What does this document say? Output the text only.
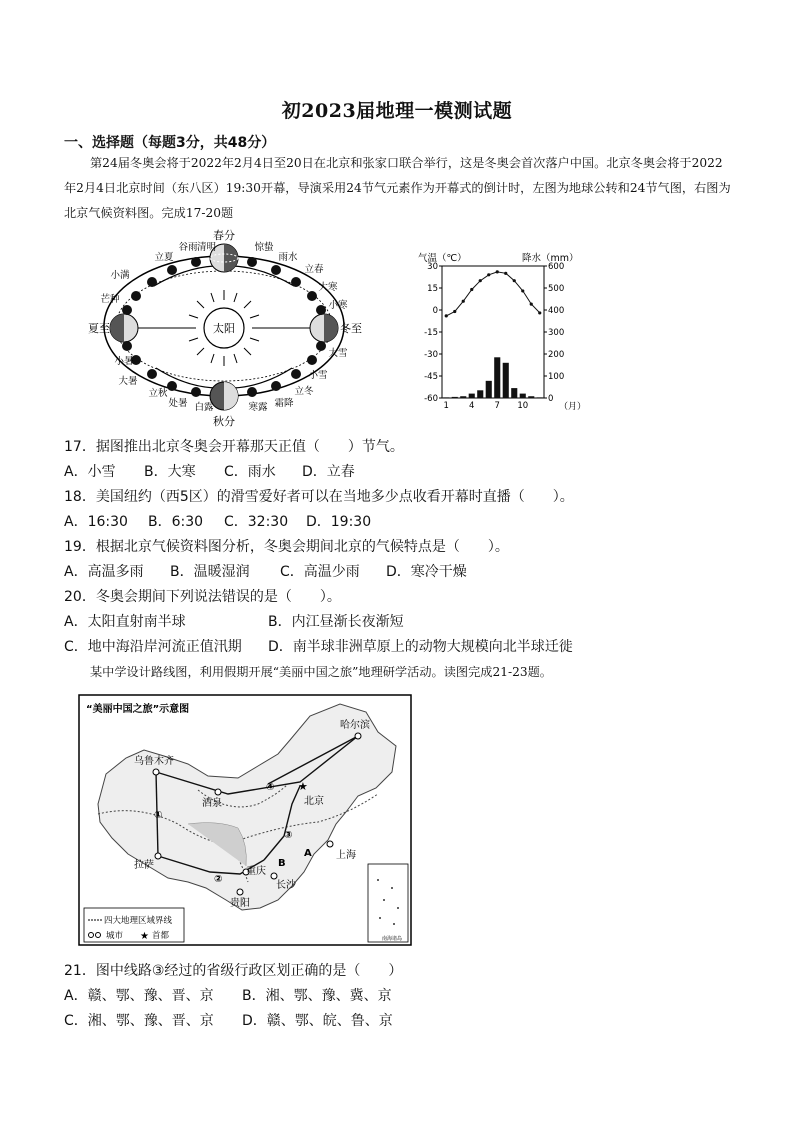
初2023届地理一模测试题
一、选择题（每题3分，共48分）
第24届冬奥会将于2022年2月4日至20日在北京和张家口联合举行，这是冬奥会首次落户中国。北京冬奥会将于2022年2月4日北京时间（东八区）19:30开幕，导演采用24节气元素作为开幕式的倒计时，左图为地球公转和24节气图，右图为北京气候资料图。完成17-20题
太阳
春分
夏至	冬至
秋分
谷雨
立夏
清明
小满
芒种
惊蛰
雨水
立春
大寒
小寒
小暑
大暑
立秋
处暑 白露	寒露 霜降
立冬
小雪
大雪
气温（℃）	降水（mm）
30
15
0
-15
-30
-45
-60
600
500
400
300
200
100
0
1 4 7 10	（月）
17．据图推出北京冬奥会开幕那天正值（　　）节气。
A．小雪 B．大寒 C．雨水 D．立春
18．美国纽约（西5区）的滑雪爱好者可以在当地多少点收看开幕时直播（　　）。
A．16:30 B．6:30 C．32:30 D．19:30
19．根据北京气候资料图分析，冬奥会期间北京的气候特点是（　　）。
A．高温多雨 B．温暖湿润 C．高温少雨 D．寒冷干燥
20．冬奥会期间下列说法错误的是（　　）。
A．太阳直射南半球	B．内江昼渐长夜渐短
C．地中海沿岸河流正值汛期 D．南半球非洲草原上的动物大规模向北半球迁徙
某中学设计路线图，利用假期开展“美丽中国之旅”地理研学活动。读图完成21-23题。
“美丽中国之旅”示意图
★
乌鲁木齐
哈尔滨
酒泉	北京
拉萨
上海
重庆
长沙
贵阳
①
②
③
④
A
B
四大地理区域界线
城市 ★ 首都	南海诸岛
21．图中线路③经过的省级行政区划正确的是（　　）
A．赣、鄂、豫、晋、京 B．湘、鄂、豫、冀、京
C．湘、鄂、豫、晋、京 D．赣、鄂、皖、鲁、京
